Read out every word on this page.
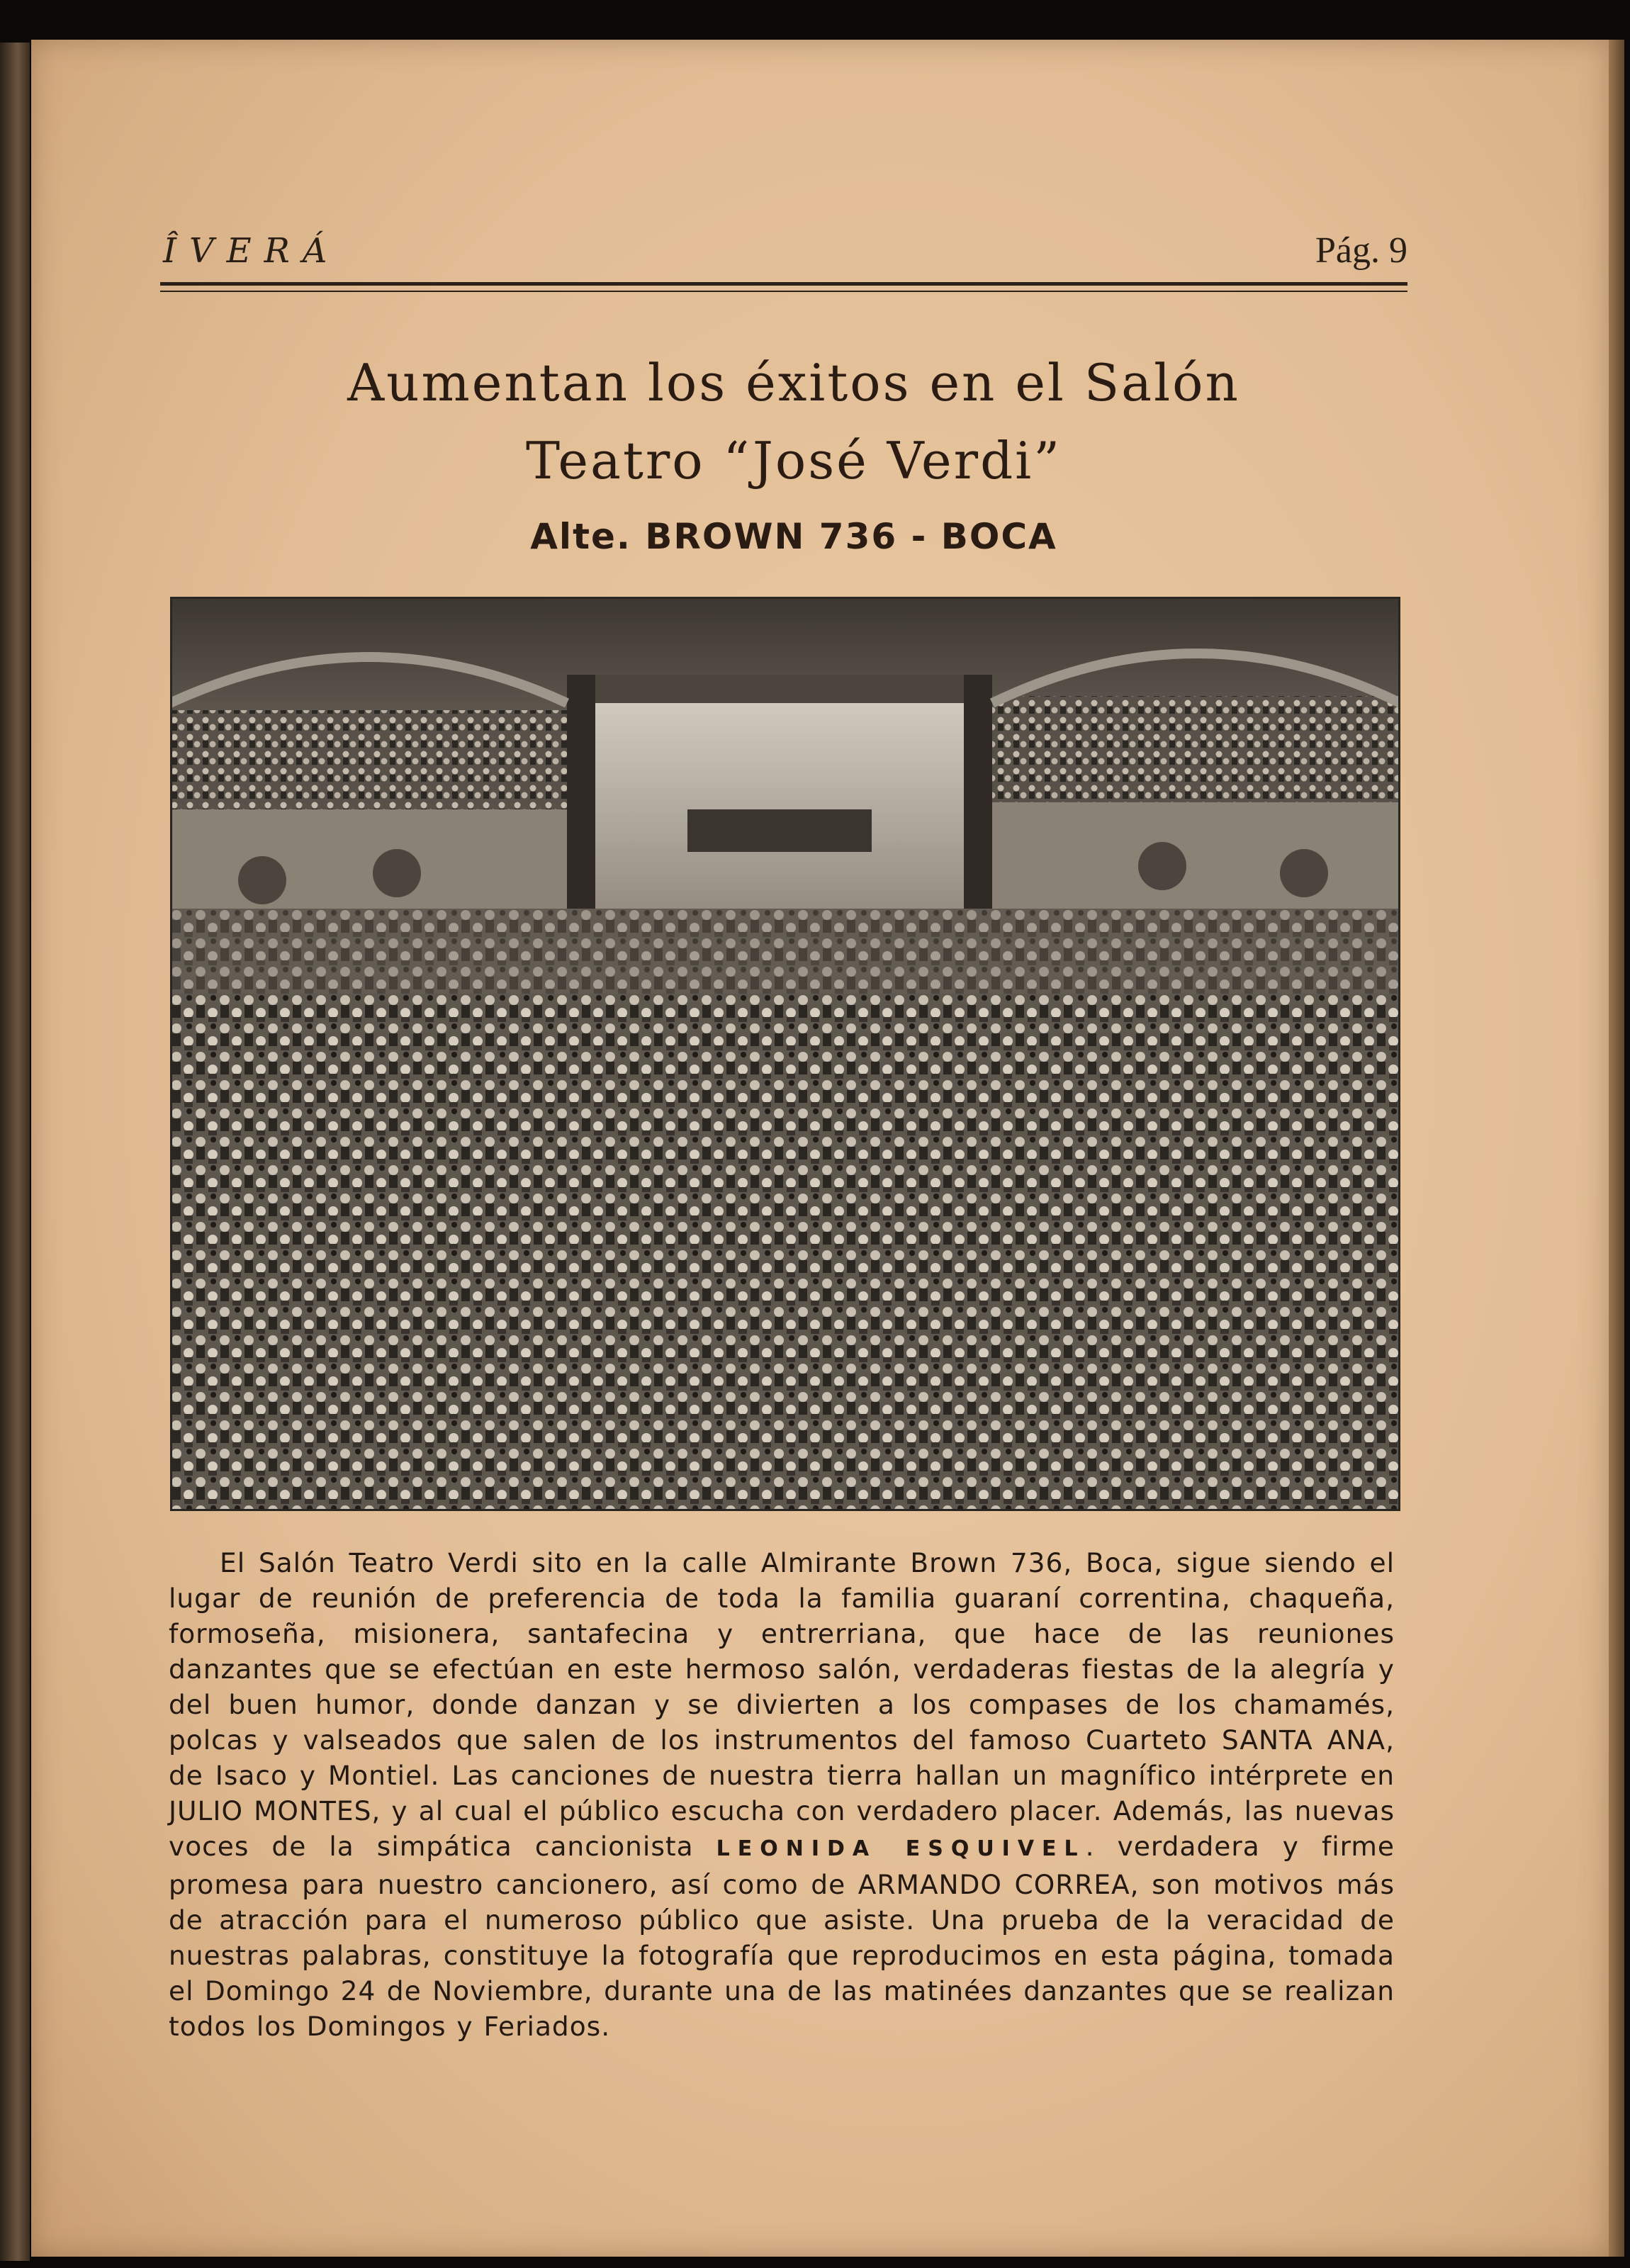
ÎVERÁ	Pág. 9
Aumentan los éxitos en el Salón
Teatro “José Verdi”
Alte. BROWN 736 - BOCA
El Salón Teatro Verdi sito en la calle Almirante Brown 736, Boca, sigue siendo el lugar de reunión de preferencia de toda la familia guaraní correntina, chaqueña, formoseña, misionera, santafecina y entrerriana, que hace de las reuniones danzantes que se efectúan en este hermoso salón, verdaderas fiestas de la alegría y del buen humor, donde danzan y se divierten a los compases de los chamamés, polcas y valseados que salen de los instrumentos del famoso Cuarteto SANTA ANA, de Isaco y Montiel. Las canciones de nuestra tierra hallan un magnífico intérprete en JULIO MONTES, y al cual el público escucha con verdadero placer. Además, las nuevas voces de la simpática cancionista LEONIDA ESQUIVEL. verdadera y firme promesa para nuestro cancionero, así como de ARMANDO CORREA, son motivos más de atracción para el numeroso público que asiste. Una prueba de la veracidad de nuestras palabras, constituye la fotografía que reproducimos en esta página, tomada el Domingo 24 de Noviembre, durante una de las matinées danzantes que se realizan todos los Domingos y Feriados.
